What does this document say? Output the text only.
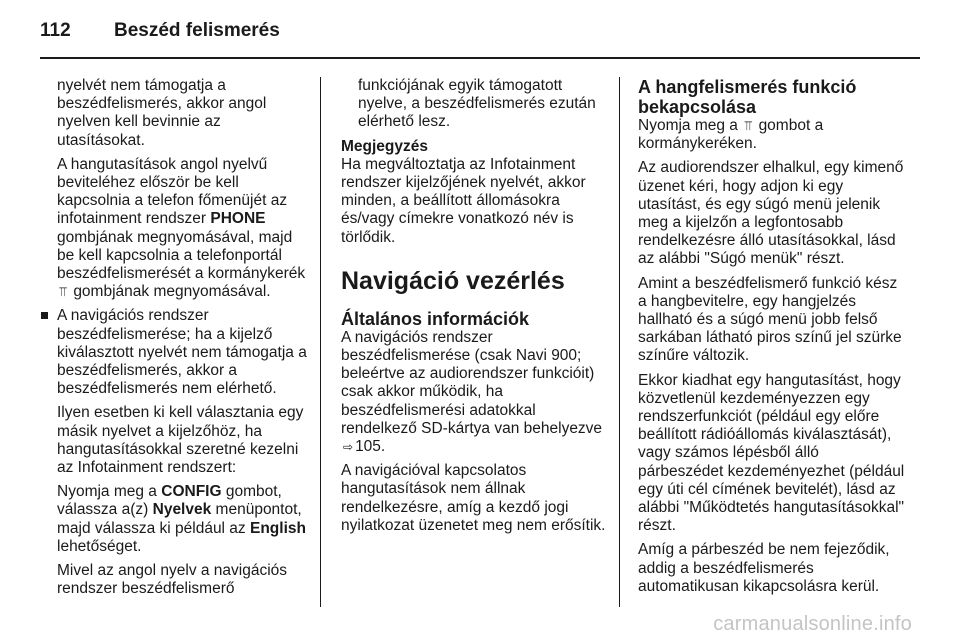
112 Beszéd felismerés

nyelvét nem támogatja a beszédfelismerés, akkor angol nyelven kell bevinnie az utasításokat.

A hangutasítások angol nyelvű beviteléhez először be kell kapcsolnia a telefon főmenüjét az infotainment rendszer PHONE gombjának megnyomásával, majd be kell kapcsolnia a telefonportál beszédfelismerését a kormánykerék ⫪ gombjának megnyomásával.

A navigációs rendszer beszédfelismerése; ha a kijelző kiválasztott nyelvét nem támogatja a beszédfelismerés, akkor a beszédfelismerés nem elérhető.

Ilyen esetben ki kell választania egy másik nyelvet a kijelzőhöz, ha hangutasításokkal szeretné kezelni az Infotainment rendszert:

Nyomja meg a CONFIG gombot, válassza a(z) Nyelvek menüpontot, majd válassza ki például az English lehetőséget.

Mivel az angol nyelv a navigációs rendszer beszédfelismerő

funkciójának egyik támogatott nyelve, a beszédfelismerés ezután elérhető lesz.

Megjegyzés

Ha megváltoztatja az Infotainment rendszer kijelzőjének nyelvét, akkor minden, a beállított állomásokra és/vagy címekre vonatkozó név is törlődik.

Navigáció vezérlés
Általános információk

A navigációs rendszer beszédfelismerése (csak Navi 900; beleértve az audiorendszer funkcióit) csak akkor működik, ha beszédfelismerési adatokkal rendelkező SD-kártya van behelyezve ⇨ 105.

A navigációval kapcsolatos hangutasítások nem állnak rendelkezésre, amíg a kezdő jogi nyilatkozat üzenetet meg nem erősítik.

A hangfelismerés funkció bekapcsolása

Nyomja meg a ⫪ gombot a kormánykeréken.

Az audiorendszer elhalkul, egy kimenő üzenet kéri, hogy adjon ki egy utasítást, és egy súgó menü jelenik meg a kijelzőn a legfontosabb rendelkezésre álló utasításokkal, lásd az alábbi "Súgó menük" részt.

Amint a beszédfelismerő funkció kész a hangbevitelre, egy hangjelzés hallható és a súgó menü jobb felső sarkában látható piros színű jel szürke színűre változik.

Ekkor kiadhat egy hangutasítást, hogy közvetlenül kezdeményezzen egy rendszerfunkciót (például egy előre beállított rádióállomás kiválasztását), vagy számos lépésből álló párbeszédet kezdeményezhet (például egy úti cél címének bevitelét), lásd az alábbi "Működtetés hangutasításokkal" részt.

Amíg a párbeszéd be nem fejeződik, addig a beszédfelismerés automatikusan kikapcsolásra kerül.

carmanualsonline.info
